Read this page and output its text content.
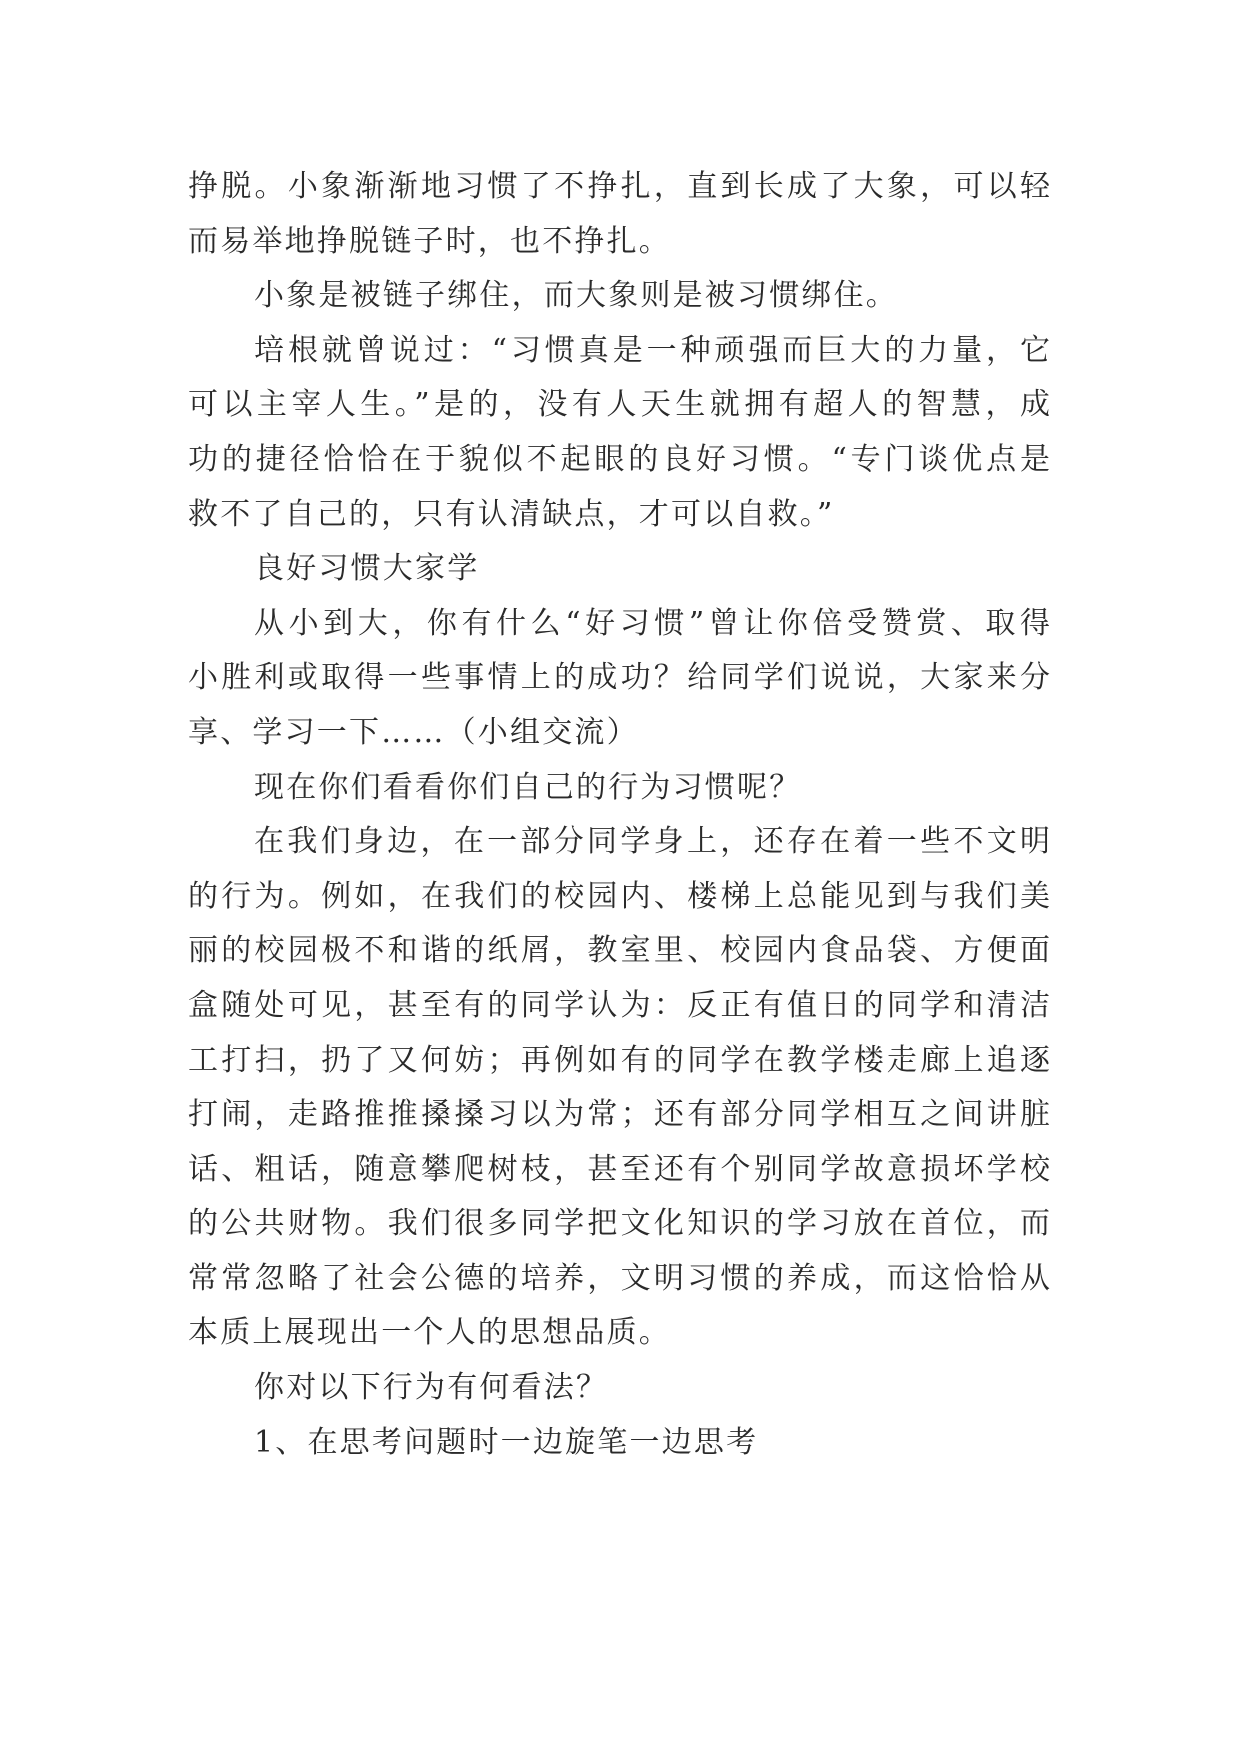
挣脱。小象渐渐地习惯了不挣扎，直到长成了大象，可以轻
而易举地挣脱链子时，也不挣扎。
小象是被链子绑住，而大象则是被习惯绑住。
培根就曾说过：“习惯真是一种顽强而巨大的力量，它
可以主宰人生。”是的，没有人天生就拥有超人的智慧，成
功的捷径恰恰在于貌似不起眼的良好习惯。“专门谈优点是
救不了自己的，只有认清缺点，才可以自救。”
良好习惯大家学
从小到大，你有什么“好习惯”曾让你倍受赞赏、取得
小胜利或取得一些事情上的成功？给同学们说说，大家来分
享、学习一下……（小组交流）
现在你们看看你们自己的行为习惯呢？
在我们身边，在一部分同学身上，还存在着一些不文明
的行为。例如，在我们的校园内、楼梯上总能见到与我们美
丽的校园极不和谐的纸屑，教室里、校园内食品袋、方便面
盒随处可见，甚至有的同学认为：反正有值日的同学和清洁
工打扫，扔了又何妨；再例如有的同学在教学楼走廊上追逐
打闹，走路推推搡搡习以为常；还有部分同学相互之间讲脏
话、粗话，随意攀爬树枝，甚至还有个别同学故意损坏学校
的公共财物。我们很多同学把文化知识的学习放在首位，而
常常忽略了社会公德的培养，文明习惯的养成，而这恰恰从
本质上展现出一个人的思想品质。
你对以下行为有何看法？
1、在思考问题时一边旋笔一边思考
